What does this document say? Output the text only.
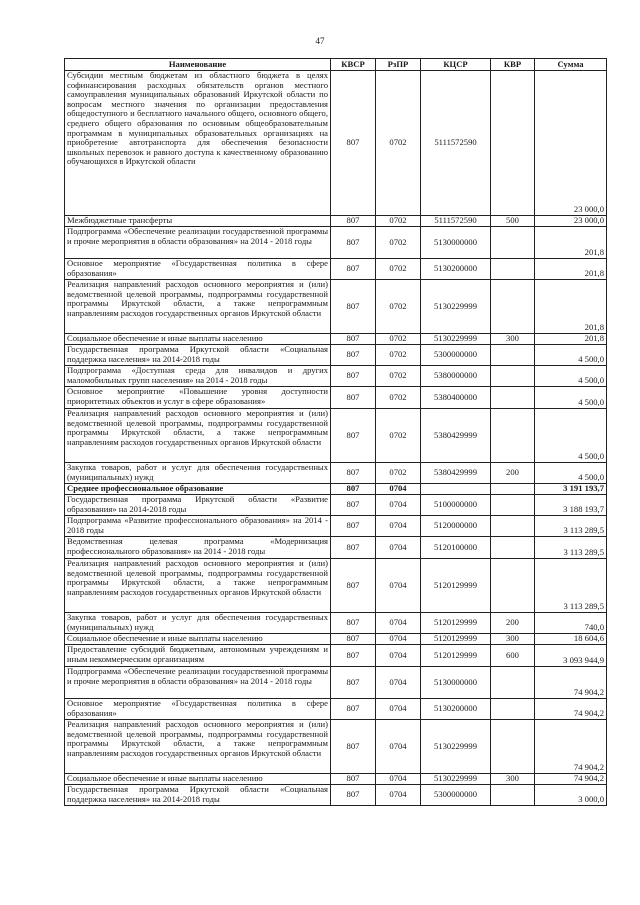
47
Наименование	КВСР	РзПР	КЦСР	КВР	Сумма
Субсидии местным бюджетам из областного бюджета в целях софинансирования расходных обязательств органов местного самоуправления муниципальных образований Иркутской области по вопросам местного значения по организации предоставления общедоступного и бесплатного начального общего, основного общего, среднего общего образования по основным общеобразовательным программам в муниципальных образовательных организациях на приобретение автотранспорта для обеспечения безопасности школьных перевозок и равного доступа к качественному образованию обучающихся в Иркутской области	807	0702	5111572590		23 000,0
Межбюджетные трансферты	807	0702	5111572590	500	23 000,0
Подпрограмма «Обеспечение реализации государственной программы и прочие мероприятия в области образования» на 2014 - 2018 годы	807	0702	5130000000		201,8
Основное мероприятие «Государственная политика в сфере образования»	807	0702	5130200000		201,8
Реализация направлений расходов основного мероприятия и (или) ведомственной целевой программы, подпрограммы государственной программы Иркутской области, а также непрограммным направлениям расходов государственных органов Иркутской области	807	0702	5130229999		201,8
Социальное обеспечение и иные выплаты населению	807	0702	5130229999	300	201,8
Государственная программа Иркутской области «Социальная поддержка населения» на 2014-2018 годы	807	0702	5300000000		4 500,0
Подпрограмма «Доступная среда для инвалидов и других маломобильных групп населения» на 2014 - 2018 годы	807	0702	5380000000		4 500,0
Основное мероприятие «Повышение уровня доступности приоритетных объектов и услуг в сфере образования»	807	0702	5380400000		4 500,0
Реализация направлений расходов основного мероприятия и (или) ведомственной целевой программы, подпрограммы государственной программы Иркутской области, а также непрограммным направлениям расходов государственных органов Иркутской области	807	0702	5380429999		4 500,0
Закупка товаров, работ и услуг для обеспечения государственных (муниципальных) нужд	807	0702	5380429999	200	4 500,0
Среднее профессиональное образование	807	0704			3 191 193,7
Государственная программа Иркутской области «Развитие образования» на 2014-2018 годы	807	0704	5100000000		3 188 193,7
Подпрограмма «Развитие профессионального образования» на 2014 - 2018 годы	807	0704	5120000000		3 113 289,5
Ведомственная целевая программа «Модернизация профессионального образования» на 2014 - 2018 годы	807	0704	5120100000		3 113 289,5
Реализация направлений расходов основного мероприятия и (или) ведомственной целевой программы, подпрограммы государственной программы Иркутской области, а также непрограммным направлениям расходов государственных органов Иркутской области	807	0704	5120129999		3 113 289,5
Закупка товаров, работ и услуг для обеспечения государственных (муниципальных) нужд	807	0704	5120129999	200	740,0
Социальное обеспечение и иные выплаты населению	807	0704	5120129999	300	18 604,6
Предоставление субсидий бюджетным, автономным учреждениям и иным некоммерческим организациям	807	0704	5120129999	600	3 093 944,9
Подпрограмма «Обеспечение реализации государственной программы и прочие мероприятия в области образования» на 2014 - 2018 годы	807	0704	5130000000		74 904,2
Основное мероприятие «Государственная политика в сфере образования»	807	0704	5130200000		74 904,2
Реализация направлений расходов основного мероприятия и (или) ведомственной целевой программы, подпрограммы государственной программы Иркутской области, а также непрограммным направлениям расходов государственных органов Иркутской области	807	0704	5130229999		74 904,2
Социальное обеспечение и иные выплаты населению	807	0704	5130229999	300	74 904,2
Государственная программа Иркутской области «Социальная поддержка населения» на 2014-2018 годы	807	0704	5300000000		3 000,0
